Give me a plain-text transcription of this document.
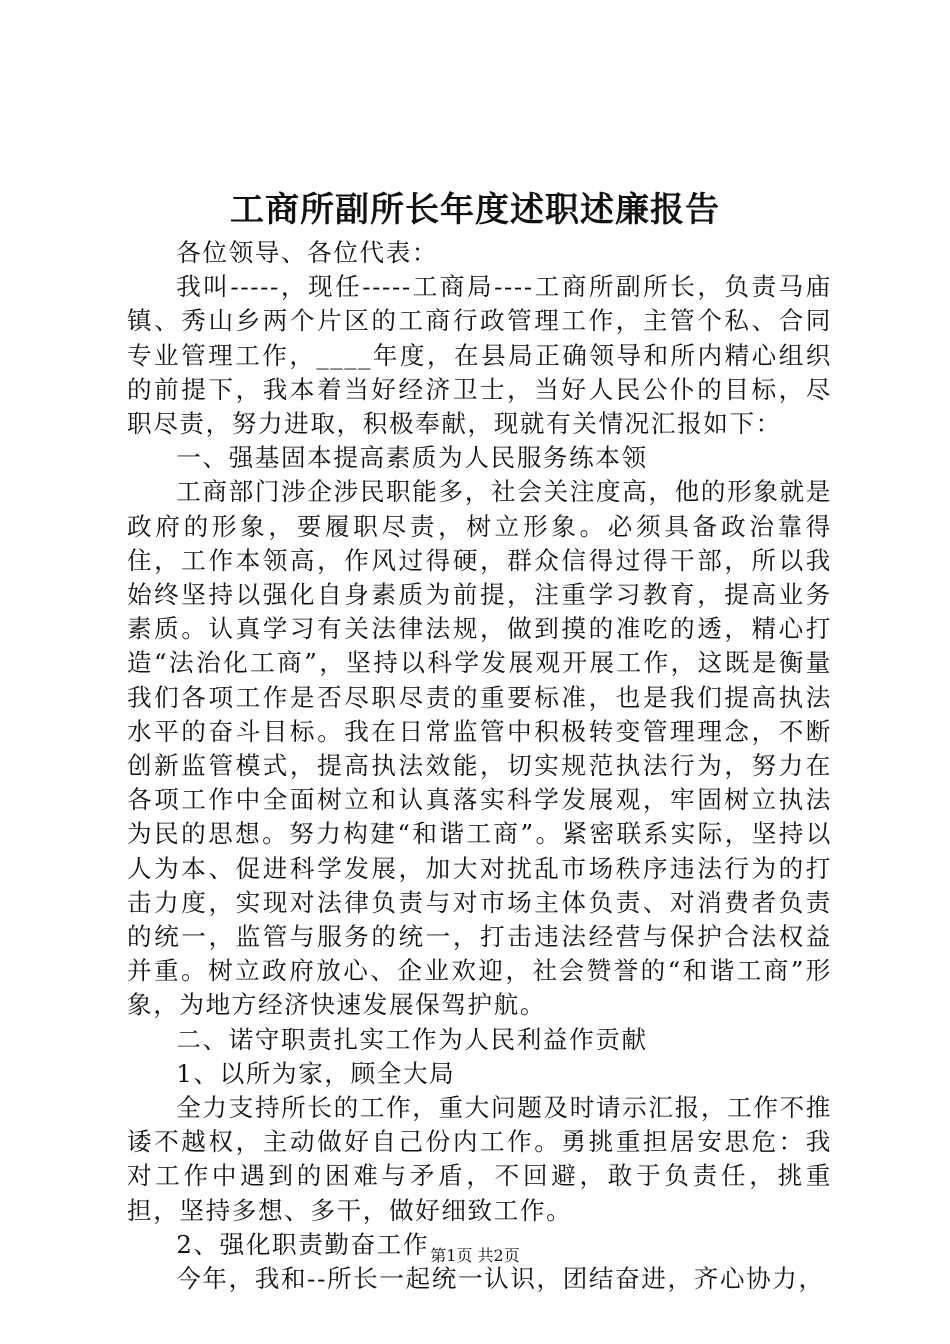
工商所副所长年度述职述廉报告

各位领导、各位代表：

我叫-----，现任-----工商局----工商所副所长，负责马庙镇、秀山乡两个片区的工商行政管理工作，主管个私、合同专业管理工作，____年度，在县局正确领导和所内精心组织的前提下，我本着当好经济卫士，当好人民公仆的目标，尽职尽责，努力进取，积极奉献，现就有关情况汇报如下：

一、强基固本提高素质为人民服务练本领

工商部门涉企涉民职能多，社会关注度高，他的形象就是政府的形象，要履职尽责，树立形象。必须具备政治靠得住，工作本领高，作风过得硬，群众信得过得干部，所以我始终坚持以强化自身素质为前提，注重学习教育，提高业务素质。认真学习有关法律法规，做到摸的准吃的透，精心打造“法治化工商”，坚持以科学发展观开展工作，这既是衡量我们各项工作是否尽职尽责的重要标准，也是我们提高执法水平的奋斗目标。我在日常监管中积极转变管理理念，不断创新监管模式，提高执法效能，切实规范执法行为，努力在各项工作中全面树立和认真落实科学发展观，牢固树立执法为民的思想。努力构建“和谐工商”。紧密联系实际，坚持以人为本、促进科学发展，加大对扰乱市场秩序违法行为的打击力度，实现对法律负责与对市场主体负责、对消费者负责的统一，监管与服务的统一，打击违法经营与保护合法权益并重。树立政府放心、企业欢迎，社会赞誉的“和谐工商”形象，为地方经济快速发展保驾护航。

二、诺守职责扎实工作为人民利益作贡献

1、以所为家，顾全大局

全力支持所长的工作，重大问题及时请示汇报，工作不推诿不越权，主动做好自己份内工作。勇挑重担居安思危：我对工作中遇到的困难与矛盾，不回避，敢于负责任，挑重担，坚持多想、多干，做好细致工作。

2、强化职责勤奋工作

今年，我和--所长一起统一认识，团结奋进，齐心协力，

第1页 共2页
